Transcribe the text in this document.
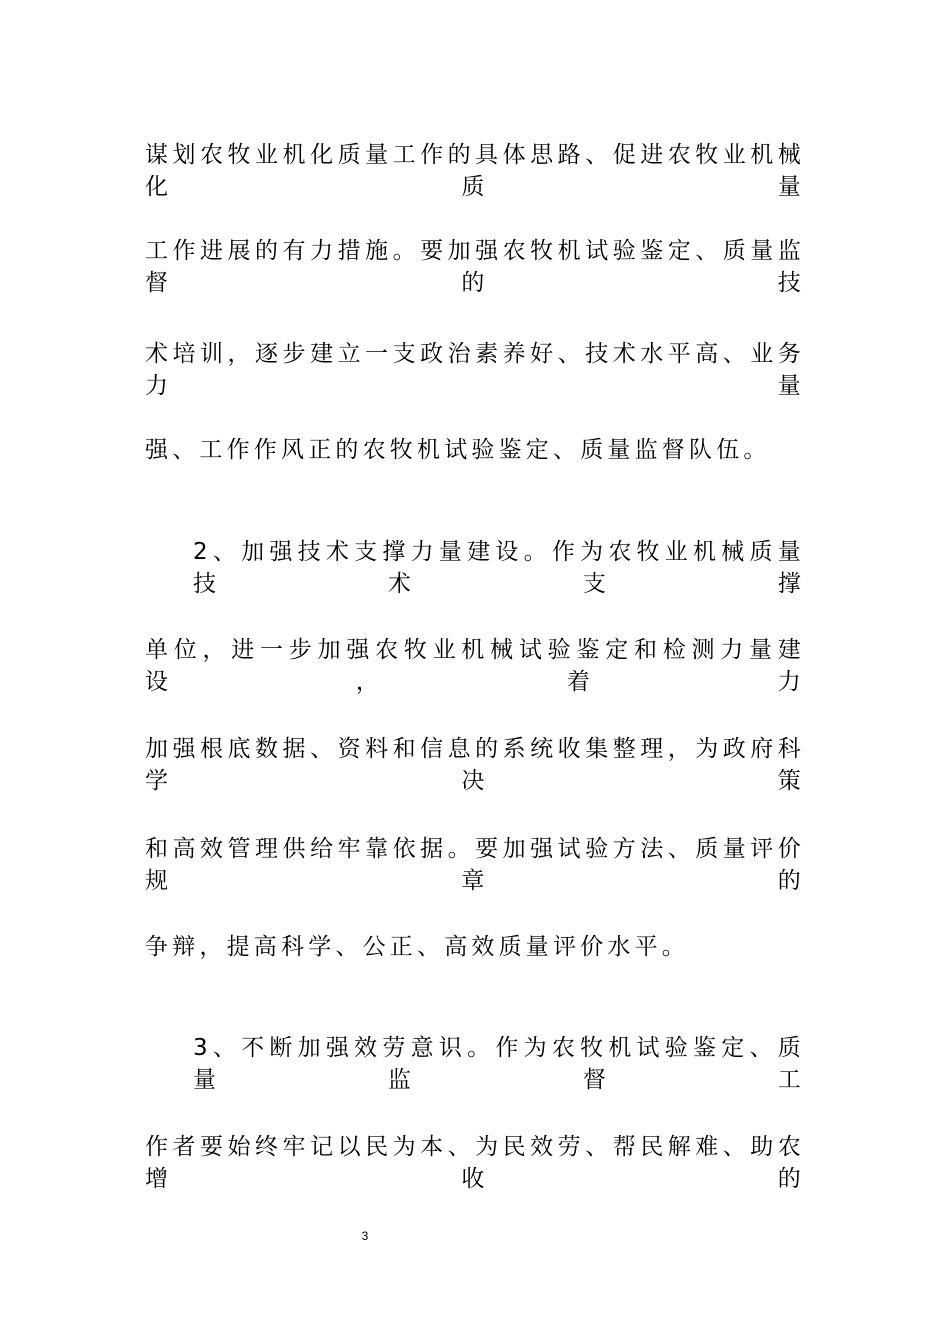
谋划农牧业机化质量工作的具体思路、促进农牧业机械化质量
工作进展的有力措施。要加强农牧机试验鉴定、质量监督的技
术培训，逐步建立一支政治素养好、技术水平高、业务力量
强、工作作风正的农牧机试验鉴定、质量监督队伍。
2、加强技术支撑力量建设。作为农牧业机械质量技术支撑
单位，进一步加强农牧业机械试验鉴定和检测力量建设，着力
加强根底数据、资料和信息的系统收集整理，为政府科学决策
和高效管理供给牢靠依据。要加强试验方法、质量评价规章的
争辩，提高科学、公正、高效质量评价水平。
3、不断加强效劳意识。作为农牧机试验鉴定、质量监督工
作者要始终牢记以民为本、为民效劳、帮民解难、助农增收的
3
